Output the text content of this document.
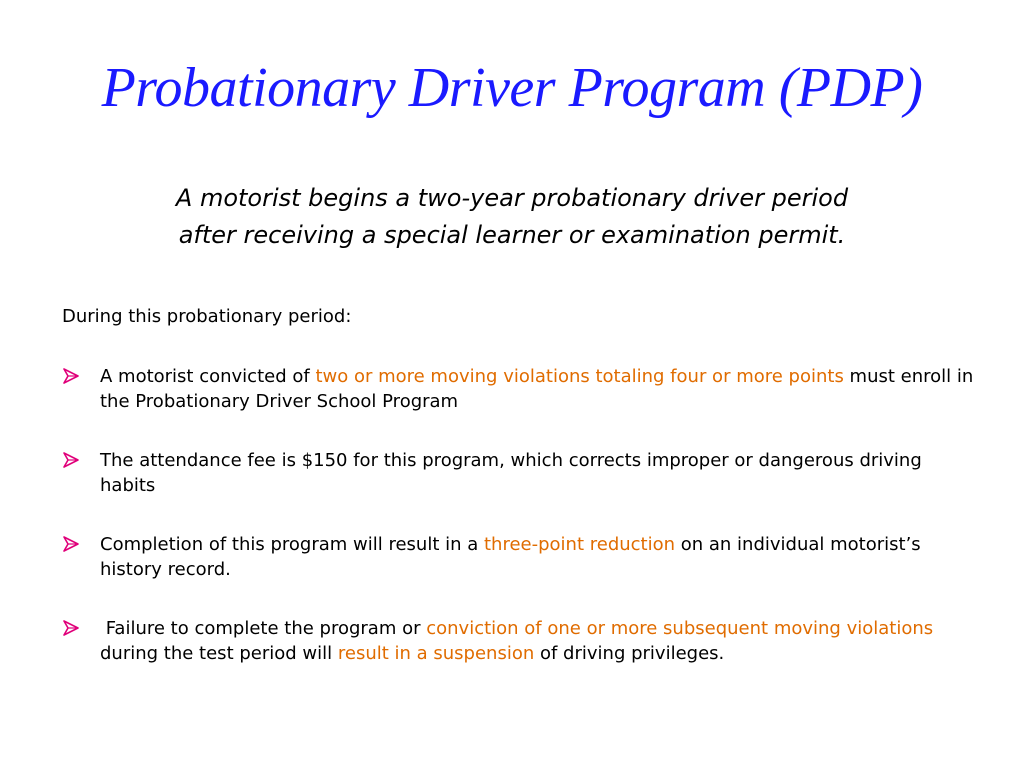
Probationary Driver Program (PDP)
A motorist begins a two-year probationary driver period
after receiving a special learner or examination permit.
During this probationary period:
A motorist convicted of two or more moving violations totaling four or more points must enroll in the Probationary Driver School Program
The attendance fee is $150 for this program, which corrects improper or dangerous driving habits
Completion of this program will result in a three-point reduction on an individual motorist’s history record.
Failure to complete the program or conviction of one or more subsequent moving violations during the test period will result in a suspension of driving privileges.
